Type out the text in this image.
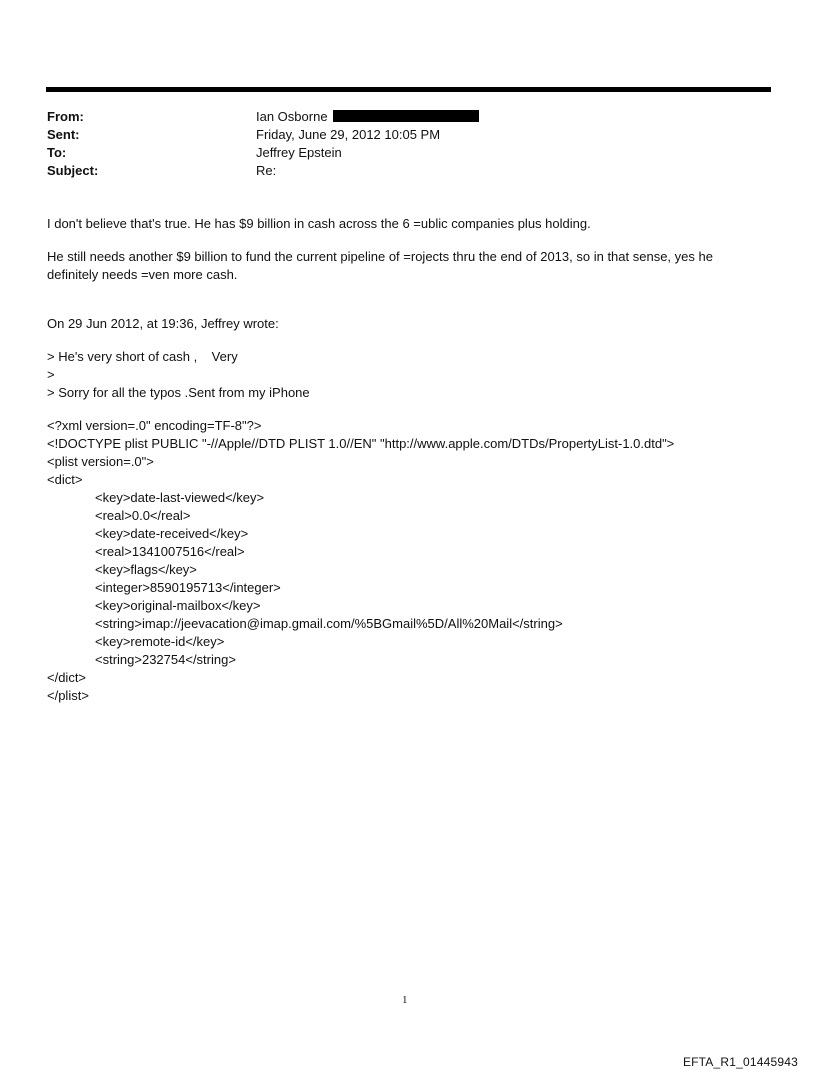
From:	Ian Osborne
Sent:	Friday, June 29, 2012 10:05 PM
To:	Jeffrey Epstein
Subject:	Re:

I don't believe that's true. He has $9 billion in cash across the 6 =ublic companies plus holding.

He still needs another $9 billion to fund the current pipeline of =rojects thru the end of 2013, so in that sense, yes he definitely needs =ven more cash.

On 29 Jun 2012, at 19:36, Jeffrey wrote:

> He's very short of cash ,    Very
>
> Sorry for all the typos .Sent from my iPhone
<?xml version=.0" encoding=TF-8"?>
<!DOCTYPE plist PUBLIC "-//Apple//DTD PLIST 1.0//EN" "http://www.apple.com/DTDs/PropertyList-1.0.dtd">
<plist version=.0">
<dict>
<key>date-last-viewed</key>
<real>0.0</real>
<key>date-received</key>
<real>1341007516</real>
<key>flags</key>
<integer>8590195713</integer>
<key>original-mailbox</key>
<string>imap://jeevacation@imap.gmail.com/%5BGmail%5D/All%20Mail</string>
<key>remote-id</key>
<string>232754</string>
</dict>
</plist>
1
EFTA_R1_01445943
